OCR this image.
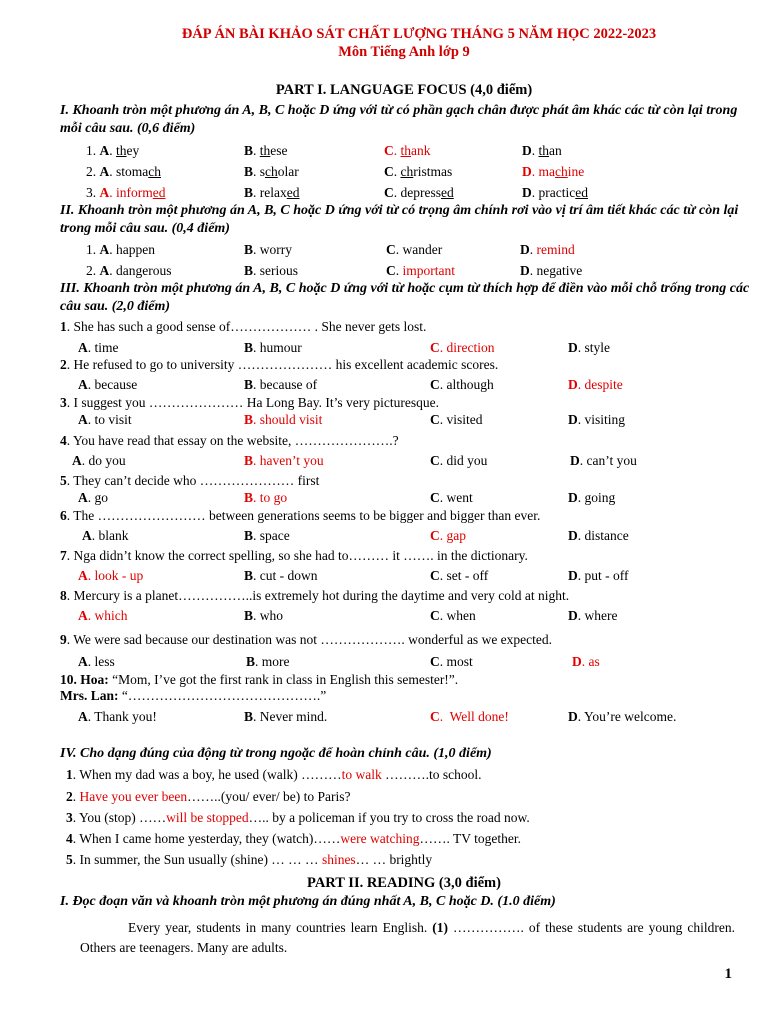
ĐÁP ÁN BÀI KHẢO SÁT CHẤT LƯỢNG THÁNG 5 NĂM HỌC 2022-2023
Môn Tiếng Anh lớp 9
PART I. LANGUAGE FOCUS (4,0 điểm)
I. Khoanh tròn một phương án A, B, C hoặc D ứng với từ có phần gạch chân được phát âm khác các từ còn lại trong mỗi câu sau. (0,6 điểm)
1. A. they	B. these	C. thank	D. than
2. A. stomach	B. scholar	C. christmas	D. machine
3. A. informed	B. relaxed	C. depressed	D. practiced
II. Khoanh tròn một phương án A, B, C hoặc D ứng với từ có trọng âm chính rơi vào vị trí âm tiết khác các từ còn lại trong mỗi câu sau. (0,4 điểm)
1. A. happen	B. worry	C. wander	D. remind
2. A. dangerous	B. serious	C. important	D. negative
III. Khoanh tròn một phương án A, B, C hoặc D ứng với từ hoặc cụm từ thích hợp để điền vào mỗi chỗ trống trong các câu sau. (2,0 điểm)
1. She has such a good sense of……………… . She never gets lost.
A. time	B. humour	C. direction	D. style
2. He refused to go to university ………………… his excellent academic scores.
A. because	B. because of	C. although	D. despite
3. I suggest you ………………… Ha Long Bay. It’s very picturesque.
A. to visit	B. should visit	C. visited	D. visiting
4. You have read that essay on the website, ………………….?
A. do you	B. haven’t you	C. did you	D. can’t you
5. They can’t decide who ………………… first
A. go	B. to go	C. went	D. going
6. The …………………… between generations seems to be bigger and bigger than ever.
A. blank	B. space	C. gap	D. distance
7. Nga didn’t know the correct spelling, so she had to……… it ……. in the dictionary.
A. look - up	B. cut - down	C. set - off	D. put - off
8. Mercury is a planet……………..is extremely hot during the daytime and very cold at night.
A. which	B. who	C. when	D. where
9. We were sad because our destination was not ………………. wonderful as we expected.
A. less	B. more	C. most	D. as
10. Hoa: “Mom, I’ve got the first rank in class in English this semester!”.
Mrs. Lan: “…………………………………….”
A. Thank you!	B. Never mind.	C.  Well done!	D. You’re welcome.
IV. Cho dạng đúng của động từ trong ngoặc để hoàn chỉnh câu. (1,0 điểm)
1. When my dad was a boy, he used (walk) ………to walk ……….to school.
2. Have you ever been……..(you/ ever/ be) to Paris?
3. You (stop) ……will be stopped….. by a policeman if you try to cross the road now.
4. When I came home yesterday, they (watch)……were watching……. TV together.
5. In summer, the Sun usually (shine) … … … shines… … brightly
PART II. READING (3,0 điểm)
I. Đọc đoạn văn và khoanh tròn một phương án đúng nhất A, B, C hoặc D. (1.0 điểm)
Every year, students in many countries learn English. (1) ……………. of these students are young children. Others are teenagers. Many are adults.
1
